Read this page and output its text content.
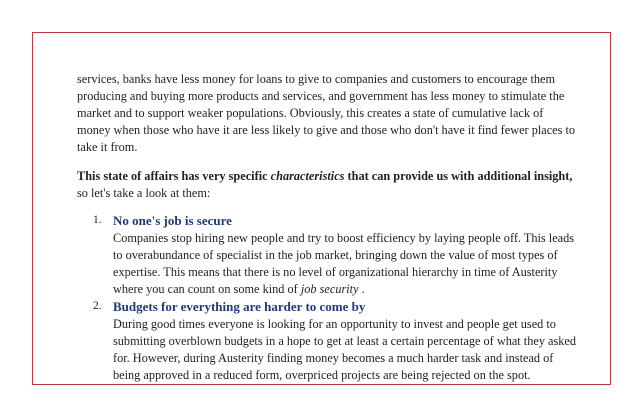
services, banks have less money for loans to give to companies and customers to encourage them producing and buying more products and services, and government has less money to stimulate the market and to support weaker populations. Obviously, this creates a state of cumulative lack of money when those who have it are less likely to give and those who don't have it find fewer places to take it from.

This state of affairs has very specific characteristics that can provide us with additional insight, so let's take a look at them:

1. No one's job is secure
Companies stop hiring new people and try to boost efficiency by laying people off. This leads to overabundance of specialist in the job market, bringing down the value of most types of expertise. This means that there is no level of organizational hierarchy in time of Austerity where you can count on some kind of job security .
2. Budgets for everything are harder to come by
During good times everyone is looking for an opportunity to invest and people get used to submitting overblown budgets in a hope to get at least a certain percentage of what they asked for. However, during Austerity finding money becomes a much harder task and instead of being approved in a reduced form, overpriced projects are being rejected on the spot.
